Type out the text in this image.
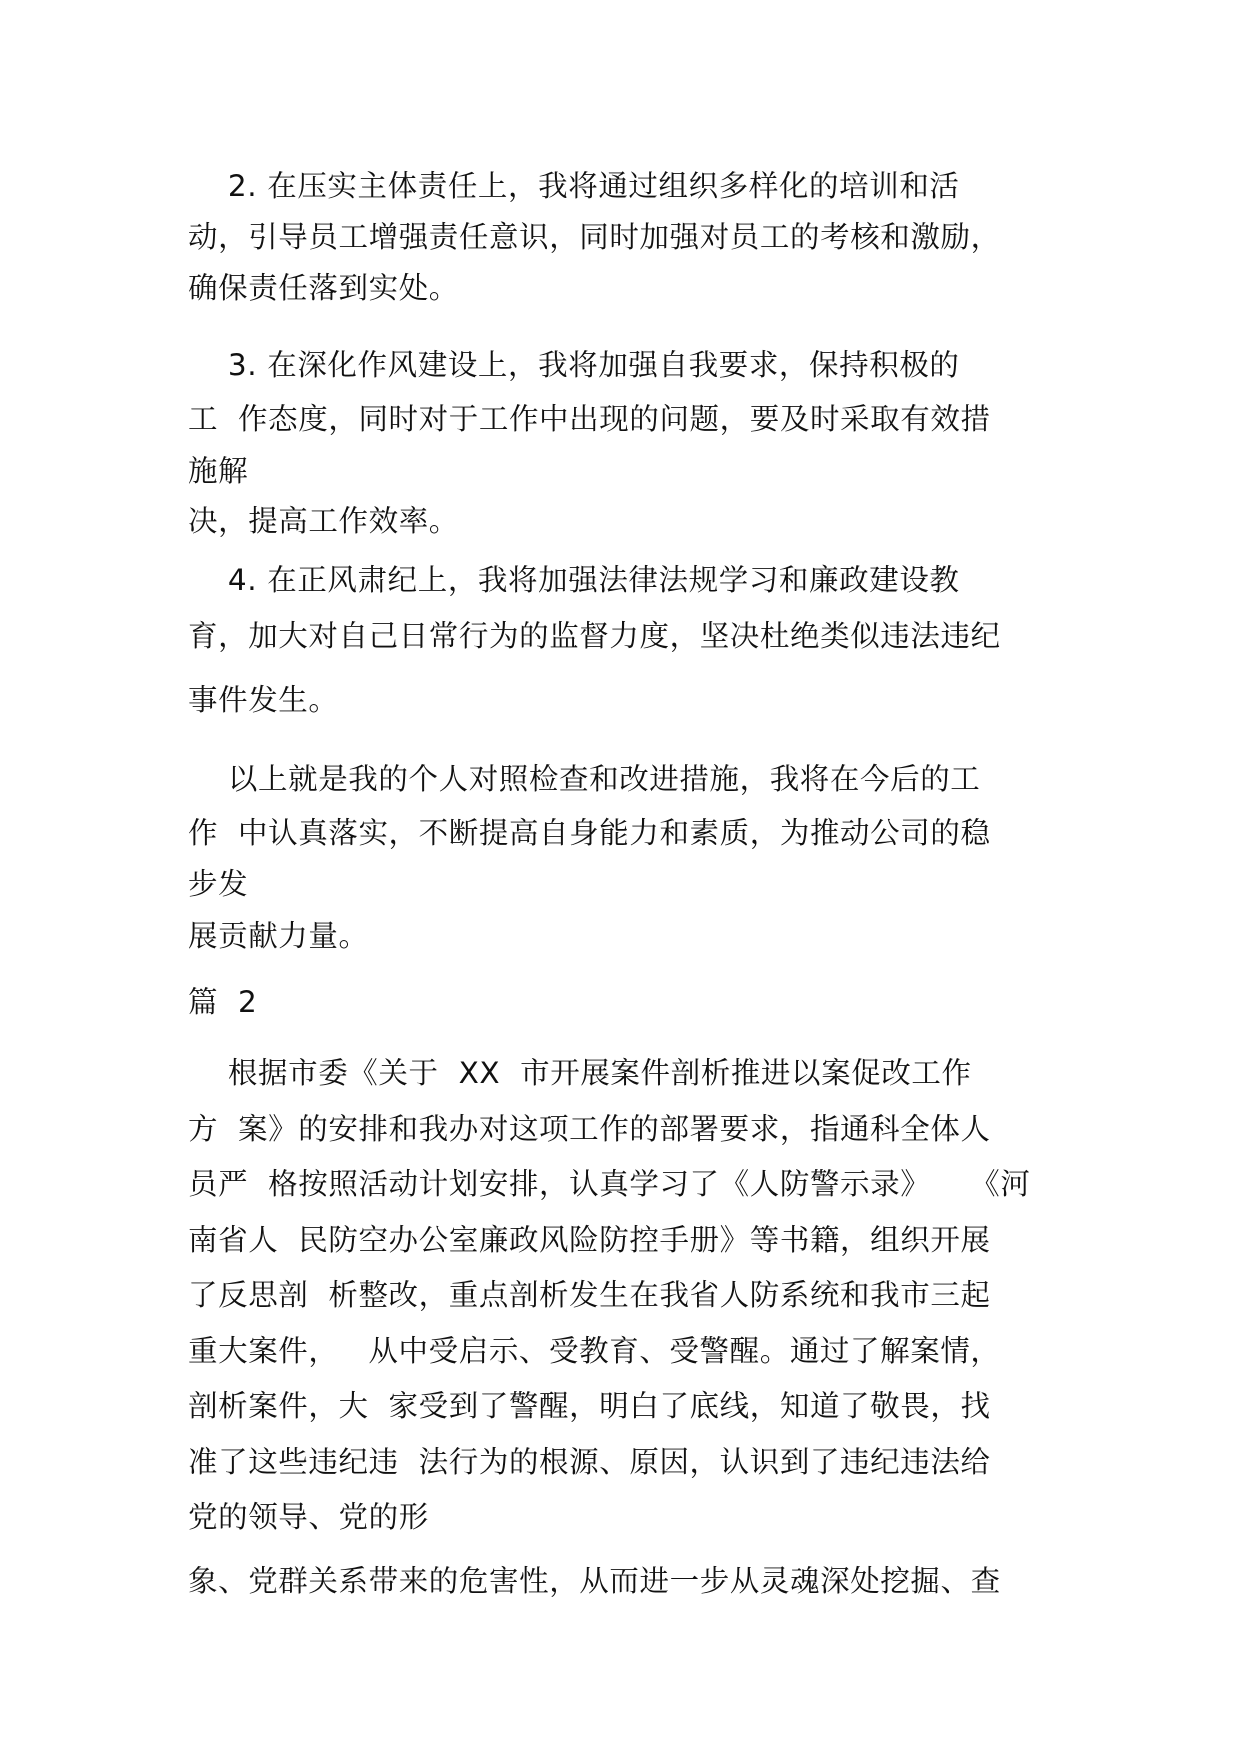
2. 在压实主体责任上，我将通过组织多样化的培训和活
动，引导员工增强责任意识，同时加强对员工的考核和激励，
确保责任落到实处。
3. 在深化作风建设上，我将加强自我要求，保持积极的
工  作态度，同时对于工作中出现的问题，要及时采取有效措
施解
决，提高工作效率。
4. 在正风肃纪上，我将加强法律法规学习和廉政建设教
育，加大对自己日常行为的监督力度，坚决杜绝类似违法违纪
事件发生。
以上就是我的个人对照检查和改进措施，我将在今后的工
作  中认真落实，不断提高自身能力和素质，为推动公司的稳
步发
展贡献力量。
篇  2
根据市委《关于  XX  市开展案件剖析推进以案促改工作
方  案》的安排和我办对这项工作的部署要求，指通科全体人
员严  格按照活动计划安排，认真学习了《人防警示录》    《河
南省人  民防空办公室廉政风险防控手册》等书籍，组织开展
了反思剖  析整改，重点剖析发生在我省人防系统和我市三起
重大案件，   从中受启示、受教育、受警醒。通过了解案情，
剖析案件，大  家受到了警醒，明白了底线，知道了敬畏，找
准了这些违纪违  法行为的根源、原因，认识到了违纪违法给
党的领导、党的形
象、党群关系带来的危害性，从而进一步从灵魂深处挖掘、查
